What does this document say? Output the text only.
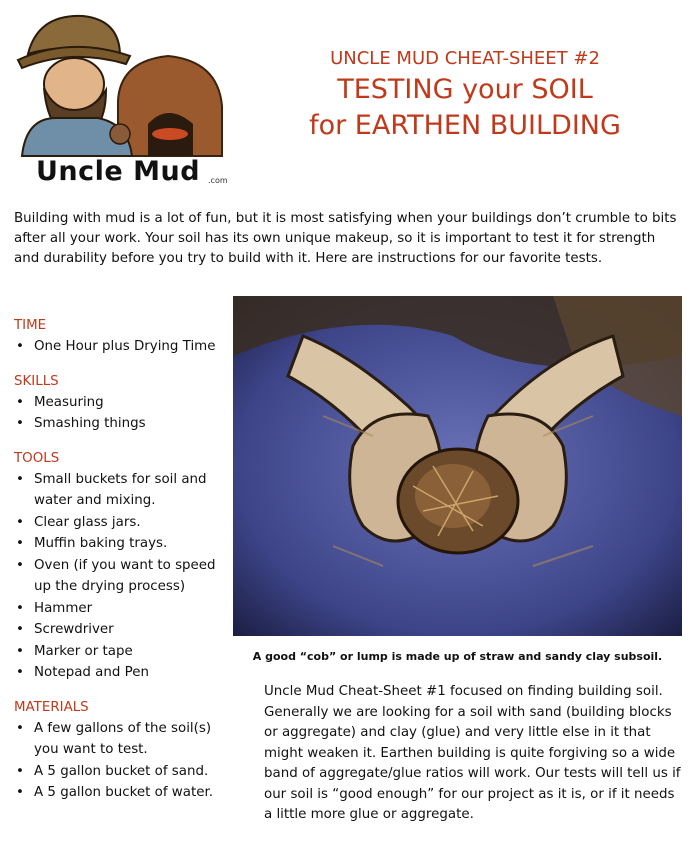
Uncle Mud .com
UNCLE MUD CHEAT-SHEET #2
TESTING your SOIL
for EARTHEN BUILDING
Building with mud is a lot of fun, but it is most satisfying when your buildings don’t crumble to bits after all your work. Your soil has its own unique makeup, so it is important to test it for strength and durability before you try to build with it. Here are instructions for our favorite tests.
TIME
• One Hour plus Drying Time
SKILLS
• Measuring
• Smashing things
TOOLS
• Small buckets for soil and water and mixing.
• Clear glass jars.
• Muffin baking trays.
• Oven (if you want to speed up the drying process)
• Hammer
• Screwdriver
• Marker or tape
• Notepad and Pen
MATERIALS
• A few gallons of the soil(s) you want to test.
• A 5 gallon bucket of sand.
• A 5 gallon bucket of water.
A good “cob” or lump is made up of straw and sandy clay subsoil.
Uncle Mud Cheat-Sheet #1 focused on finding building soil. Generally we are looking for a soil with sand (building blocks or aggregate) and clay (glue) and very little else in it that might weaken it. Earthen building is quite forgiving so a wide band of aggregate/glue ratios will work. Our tests will tell us if our soil is “good enough” for our project as it is, or if it needs a little more glue or aggregate.
